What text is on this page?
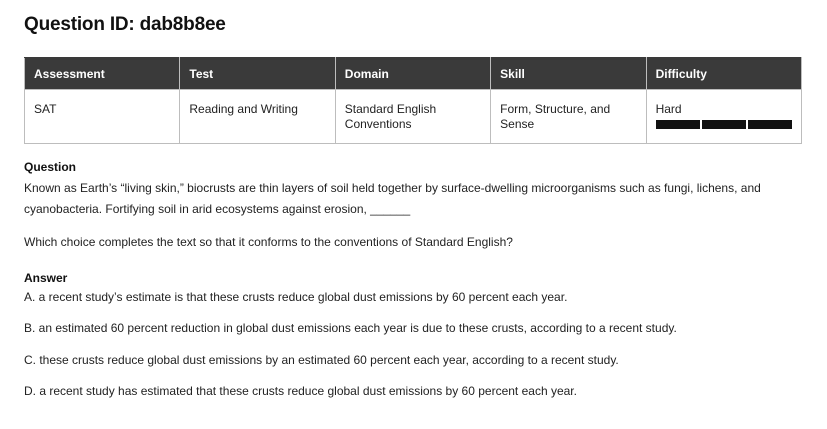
Question ID: dab8b8ee
Assessment	Test	Domain	Skill	Difficulty
SAT	Reading and Writing	Standard English Conventions	Form, Structure, and Sense	Hard
Question
Known as Earth’s “living skin,” biocrusts are thin layers of soil held together by surface-dwelling microorganisms such as fungi, lichens, and cyanobacteria. Fortifying soil in arid ecosystems against erosion, ______
Which choice completes the text so that it conforms to the conventions of Standard English?
Answer
A. a recent study’s estimate is that these crusts reduce global dust emissions by 60 percent each year.
B. an estimated 60 percent reduction in global dust emissions each year is due to these crusts, according to a recent study.
C. these crusts reduce global dust emissions by an estimated 60 percent each year, according to a recent study.
D. a recent study has estimated that these crusts reduce global dust emissions by 60 percent each year.
